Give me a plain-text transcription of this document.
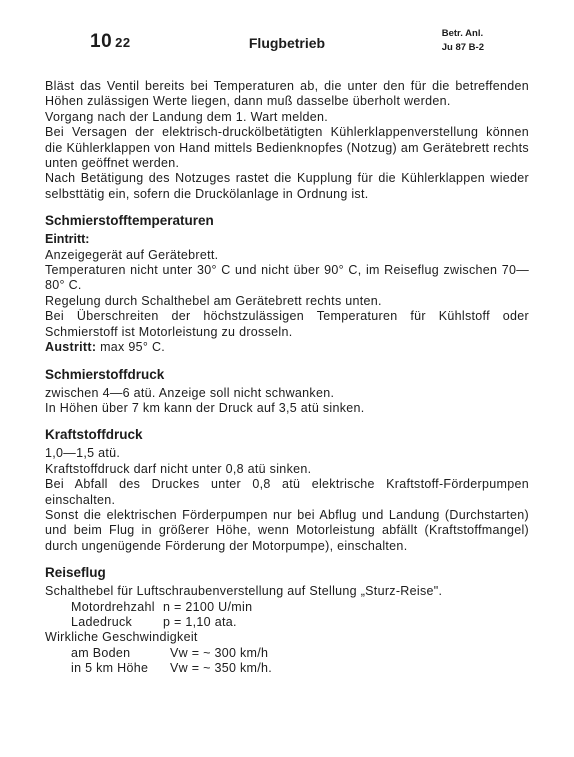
10 22	Flugbetrieb
Betr. Anl.
Ju 87 B-2

Bläst das Ventil bereits bei Temperaturen ab, die unter den für die betreffenden Höhen zulässigen Werte liegen, dann muß dasselbe überholt werden.

Vorgang nach der Landung dem 1. Wart melden.

Bei Versagen der elektrisch-druckölbetätigten Kühlerklappenverstellung können die Kühlerklappen von Hand mittels Bedienknopfes (Notzug) am Gerätebrett rechts unten geöffnet werden.

Nach Betätigung des Notzuges rastet die Kupplung für die Kühlerklappen wieder selbsttätig ein, sofern die Druckölanlage in Ordnung ist.

Schmierstofftemperaturen
Eintritt:

Anzeigegerät auf Gerätebrett.

Temperaturen nicht unter 30° C und nicht über 90° C, im Reiseflug zwischen 70—80° C.

Regelung durch Schalthebel am Gerätebrett rechts unten.

Bei Überschreiten der höchstzulässigen Temperaturen für Kühlstoff oder Schmierstoff ist Motorleistung zu drosseln.

Austritt: max 95° C.

Schmierstoffdruck

zwischen 4—6 atü. Anzeige soll nicht schwanken.

In Höhen über 7 km kann der Druck auf 3,5 atü sinken.

Kraftstoffdruck

1,0—1,5 atü.

Kraftstoffdruck darf nicht unter 0,8 atü sinken.

Bei Abfall des Druckes unter 0,8 atü elektrische Kraftstoff-Förderpumpen einschalten.

Sonst die elektrischen Förderpumpen nur bei Abflug und Landung (Durchstarten) und beim Flug in größerer Höhe, wenn Motorleistung abfällt (Kraftstoffmangel) durch ungenügende Förderung der Motorpumpe), einschalten.

Reiseflug

Schalthebel für Luftschraubenverstellung auf Stellung „Sturz-Reise".

Motordrehzahl n = 2100 U/min
Ladedruck	p = 1,10 ata.

Wirkliche Geschwindigkeit

am Boden	Vw = ~ 300 km/h
in 5 km Höhe	Vw = ~ 350 km/h.
